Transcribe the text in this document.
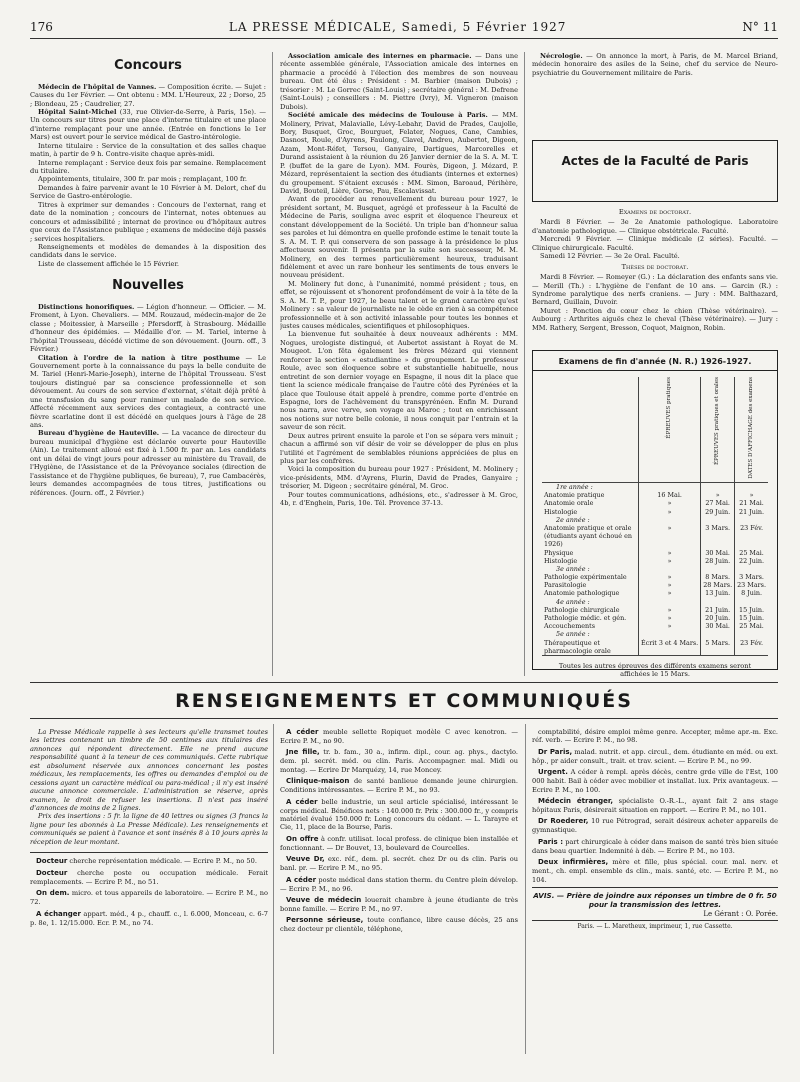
176	LA PRESSE MÉDICALE, Samedi, 5 Février 1927	N° 11
Concours

Médecin de l'hôpital de Vannes. — Composition écrite. — Sujet : Causes du 1er Février. — Ont obtenu : MM. L'Heureux, 22 ; Dorso, 25 ; Blondeau, 25 ; Caudrelier, 27.

Hôpital Saint-Michel (33, rue Olivier-de-Serre, à Paris, 15e). — Un concours sur titres pour une place d'interne titulaire et une place d'interne remplaçant pour une année. (Entrée en fonctions le 1er Mars) est ouvert pour le service médical de Gastro-intérologie.

Interne titulaire : Service de la consultation et des salles chaque matin, à partir de 9 h. Contre-visite chaque après-midi.

Interne remplaçant : Service deux fois par semaine. Remplacement du titulaire.

Appointements, titulaire, 300 fr. par mois ; remplaçant, 100 fr.

Demandes à faire parvenir avant le 10 Février à M. Delort, chef du Service de Gastro-entérologie.

Titres à exprimer sur demandes : Concours de l'externat, rang et date de la nomination ; concours de l'internat, notes obtenues au concours et admissibilité ; internat de province ou d'hôpitaux autres que ceux de l'Assistance publique ; examens de médecine déjà passés ; services hospitaliers.

Renseignements et modèles de demandes à la disposition des candidats dans le service.

Liste de classement affichée le 15 Février.

Nouvelles

Distinctions honorifiques. — Légion d'honneur. — Officier. — M. Froment, à Lyon. Chevaliers. — MM. Rouzaud, médecin-major de 2e classe ; Moitessier, à Marseille ; Pfersdorff, à Strasbourg. Médaille d'honneur des épidémies. — Médaille d'or. — M. Tariel, interne à l'hôpital Trousseau, décédé victime de son dévouement. (Journ. off., 3 Février.)

Citation à l'ordre de la nation à titre posthume — Le Gouvernement porte à la connaissance du pays la belle conduite de M. Tariel (Henri-Marie-Joseph), interne de l'hôpital Trousseau. S'est toujours distingué par sa conscience professionnelle et son dévouement. Au cours de son service d'externat, s'était déjà prêté à une transfusion du sang pour ranimer un malade de son service. Affecté récemment aux services des contagieux, a contracté une fièvre scarlatine dont il est décédé en quelques jours à l'âge de 28 ans.

Bureau d'hygiène de Hauteville. — La vacance de directeur du bureau municipal d'hygiène est déclarée ouverte pour Hauteville (Ain). Le traitement alloué est fixé à 1.500 fr. par an. Les candidats ont un délai de vingt jours pour adresser au ministère du Travail, de l'Hygiène, de l'Assistance et de la Prévoyance sociales (direction de l'assistance et de l'hygiène publiques, 6e bureau), 7, rue Cambacérès, leurs demandes accompagnées de tous titres, justifications ou références. (Journ. off., 2 Février.)

Association amicale des internes en pharmacie. — Dans une récente assemblée générale, l'Association amicale des internes en pharmacie a procédé à l'élection des membres de son nouveau bureau. Ont été élus : Président : M. Barbier (maison Dubois) ; trésorier : M. Le Gorrec (Saint-Louis) ; secrétaire général : M. Defrene (Saint-Louis) ; conseillers : M. Piettre (Ivry), M. Vigneron (maison Dubois).

Société amicale des médecins de Toulouse à Paris. — MM. Molinery, Privat, Malavialle, Lévy-Lebahr, David de Prades, Caujolle, Bory, Busquet, Groc, Bourguet, Felater, Nogues, Cane, Cambies, Dasnost, Roule, d'Ayrens, Faulong, Clavel, Andreu, Aubertot, Digeon, Azam, Mont-Réfet, Tersou, Ganyaire, Dartigues, Marcorelles et Durand assistaient à la réunion du 26 Janvier dernier de la S. A. M. T. P. (buffet de la gare de Lyon). MM. Fourès, Digeon, J. Mézard, P. Mézard, représentaient la section des étudiants (internes et externes) du groupement. S'étaient excusés : MM. Simon, Baroaud, Périhère, David, Bouteil, Lière, Gorse, Pau, Escalavissat.

Avant de procéder au renouvellement du bureau pour 1927, le président sortant, M. Busquet, agrégé et professeur à la Faculté de Médecine de Paris, souligna avec esprit et éloquence l'heureux et constant développement de la Société. Un triple ban d'honneur salua ses paroles et lui démontra en quelle profonde estime le tenait toute la S. A. M. T. P. qui conservera de son passage à la présidence le plus affectueux souvenir. Il présenta par la suite son successeur, M. M. Molinery, en des termes particulièrement heureux, traduisant fidèlement et avec un rare bonheur les sentiments de tous envers le nouveau président.

M. Molinery fut donc, à l'unanimité, nommé président ; tous, en effet, se réjouissent et s'honorent profondément de voir à la tête de la S. A. M. T. P., pour 1927, le beau talent et le grand caractère qu'est Molinery : sa valeur de journaliste ne le cède en rien à sa compétence professionnelle et à son activité inlassable pour toutes les bonnes et justes causes médicales, scientifiques et philosophiques.

La bienvenue fut souhaitée à deux nouveaux adhérents : MM. Nogues, urologiste distingué, et Aubertot assistant à Royat de M. Mougeot. L'on fêta également les frères Mézard qui viennent renforcer la section « estudiantine » du groupement. Le professeur Roule, avec son éloquence sobre et substantielle habituelle, nous entretint de son dernier voyage en Espagne, il nous dit la place que tient la science médicale française de l'autre côté des Pyrénées et la place que Toulouse était appelé à prendre, comme porte d'entrée en Espagne, lors de l'achèvement du transpyrénéen. Enfin M. Durand nous narra, avec verve, son voyage au Maroc ; tout en enrichissant nos notions sur notre belle colonie, il nous conquit par l'entrain et la saveur de son récit.

Deux autres prirent ensuite la parole et l'on se sépara vers minuit ; chacun a affirmé son vif désir de voir se développer de plus en plus l'utilité et l'agrément de semblables réunions appréciées de plus en plus par les confrères.

Voici la composition du bureau pour 1927 : Président, M. Molinery ; vice-présidents, MM. d'Ayrens, Flurin, David de Prades, Ganyaire ; trésorier, M. Digeon ; secrétaire général, M. Groc.

Pour toutes communications, adhésions, etc., s'adresser à M. Groc, 4b, r. d'Enghein, Paris, 10e. Tél. Provence 37-13.

Nécrologie. — On annonce la mort, à Paris, de M. Marcel Briand, médecin honoraire des asiles de la Seine, chef du service de Neuro-psychiatrie du Gouvernement militaire de Paris.

Actes de la Faculté de Paris
Examens de doctorat.

Mardi 8 Février. — 3e 2e Anatomie pathologique. Laboratoire d'anatomie pathologique. — Clinique obstétricale. Faculté.

Mercredi 9 Février. — Clinique médicale (2 séries). Faculté. — Clinique chirurgicale. Faculté.

Samedi 12 Février. — 3e 2e Oral. Faculté.

Thèses de doctorat.

Mardi 8 Février. — Romeyer (G.) : La déclaration des enfants sans vie. — Merill (Th.) : L'hygiène de l'enfant de 10 ans. — Garcin (R.) : Syndrome paralytique des nerfs craniens. — Jury : MM. Balthazard, Bernard, Guillain, Duvoir.

Muret : Ponction du cœur chez le chien (Thèse vétérinaire). — Aubourg : Arthrites aiguës chez le cheval (Thèse vétérinaire). — Jury : MM. Rathery, Sergent, Bresson, Coquot, Maignon, Robin.

Examens de fin d'année (N. R.) 1926-1927.
	ÉPREUVES pratiques	ÉPREUVES pratiques et orales	DATES D'AFFICHAGE des examens
1re année :			
Anatomie pratique	16 Mai.	»	»
Anatomie orale	»	27 Mai.	21 Mai.
Histologie	»	29 Juin.	21 Juin.
2e année :			
Anatomie pratique et orale (étudiants ayant échoué en 1926)	»	3 Mars.	23 Fév.
Physique	»	30 Mai.	25 Mai.
Histologie	»	28 Juin.	22 Juin.
3e année :			
Pathologie expérimentale	»	8 Mars.	3 Mars.
Parasitologie	»	28 Mars.	23 Mars.
Anatomie pathologique	»	13 Juin.	8 Juin.
4e année :			
Pathologie chirurgicale	»	21 Juin.	15 Juin.
Pathologie médic. et gén.	»	20 Juin.	15 Juin.
Accouchements	»	30 Mai.	25 Mai.
5e année :			
Thérapeutique et pharmacologie orale	Écrit 3 et 4 Mars.	5 Mars.	23 Fév.
Toutes les autres épreuves des différents examens seront affichées le 15 Mars.
RENSEIGNEMENTS ET COMMUNIQUÉS

La Presse Médicale rappelle à ses lecteurs qu'elle transmet toutes les lettres contenant un timbre de 50 centimes aux titulaires des annonces qui répondent directement. Elle ne prend aucune responsabilité quant à la teneur de ces communiqués. Cette rubrique est absolument réservée aux annonces concernant les postes médicaux, les remplacements, les offres ou demandes d'emploi ou de cessions ayant un caractère médical ou para-médical ; il n'y est inséré aucune annonce commerciale. L'administration se réserve, après examen, le droit de refuser les insertions. Il n'est pas inséré d'annonces de moins de 2 lignes.

Prix des insertions : 5 fr. la ligne de 40 lettres ou signes (3 francs la ligne pour les abonnés à La Presse Médicale). Les renseignements et communiqués se paient à l'avance et sont insérés 8 à 10 jours après la réception de leur montant.

Docteur cherche représentation médicale. — Ecrire P. M., no 50.

Docteur cherche poste ou occupation médicale. Ferait remplacements. — Ecrire P. M., no 51.

On dem. micro. et tous appareils de laboratoire. — Ecrire P. M., no 72.

A échanger appart. méd., 4 p., chauff. c., l. 6.000, Monceau, c. 6-7 p. 8e, 1. 12/15.000. Ecr. P. M., no 74.

A céder meuble sellette Ropiquet modèle C avec kenotron. — Ecrire P. M., no 90.

Jne fille, tr. b. fam., 30 a., infirm. dipl., cour. ag. phys., dactylo. dem. pl. secrét. méd. ou clin. Paris. Accompagner. mal. Midi ou montag. — Ecrire Dr Marquézy, 14, rue Moncey.

Clinique-maison de santé banlieue demande jeune chirurgien. Conditions intéressantes. — Ecrire P. M., no 93.

A céder belle industrie, un seul article spécialisé, intéressant le corps médical. Bénéfices nets : 140.000 fr. Prix : 300.000 fr., y compris matériel évalué 150.000 fr. Long concours du cédant. — L. Tarayre et Cie, 11, place de la Bourse, Paris.

On offre à confr. utilisat. local profess. de clinique bien installée et fonctionnant. — Dr Bouvet, 13, boulevard de Courcelles.

Veuve Dr, exc. réf., dem. pl. secrét. chez Dr ou ds clin. Paris ou banl. pr. — Ecrire P. M., no 95.

A céder poste médical dans station therm. du Centre plein dévelop. — Ecrire P. M., no 96.

Veuve de médecin louerait chambre à jeune étudiante de très bonne famille. — Ecrire P. M., no 97.

Personne sérieuse, toute confiance, libre cause décès, 25 ans chez docteur pr clientèle, téléphone,

comptabilité, désire emploi même genre. Accepter, même apr.-m. Exc. réf. verb. — Ecrire P. M., no 98.

Dr Paris, malad. nutrit. et app. circul., dem. étudiante en méd. ou ext. hôp., pr aider consult., trait. et trav. scient. — Ecrire P. M., no 99.

Urgent. A céder à rempl. après décès, centre grde ville de l'Est, 100 000 habit. Bail à céder avec mobilier et installat. lux. Prix avantageux. — Ecrire P. M., no 100.

Médecin étranger, spécialiste O.-R.-L., ayant fait 2 ans stage hôpitaux Paris, désirerait situation en rapport. — Ecrire P. M., no 101.

Dr Roederer, 10 rue Pétrograd, serait désireux acheter appareils de gymnastique.

Paris : part chirurgicale à céder dans maison de santé très bien située dans beau quartier. Indemnité à déb. — Ecrire P. M., no 103.

Deux infirmières, mère et fille, plus spécial. cour. mal. nerv. et ment., ch. empl. ensemble ds clin., mais. santé, etc. — Ecrire P. M., no 104.

AVIS. — Prière de joindre aux réponses un timbre de 0 fr. 50 pour la transmission des lettres.
Le Gérant : O. Porée.
Paris. — L. Maretheux, imprimeur, 1, rue Cassette.
